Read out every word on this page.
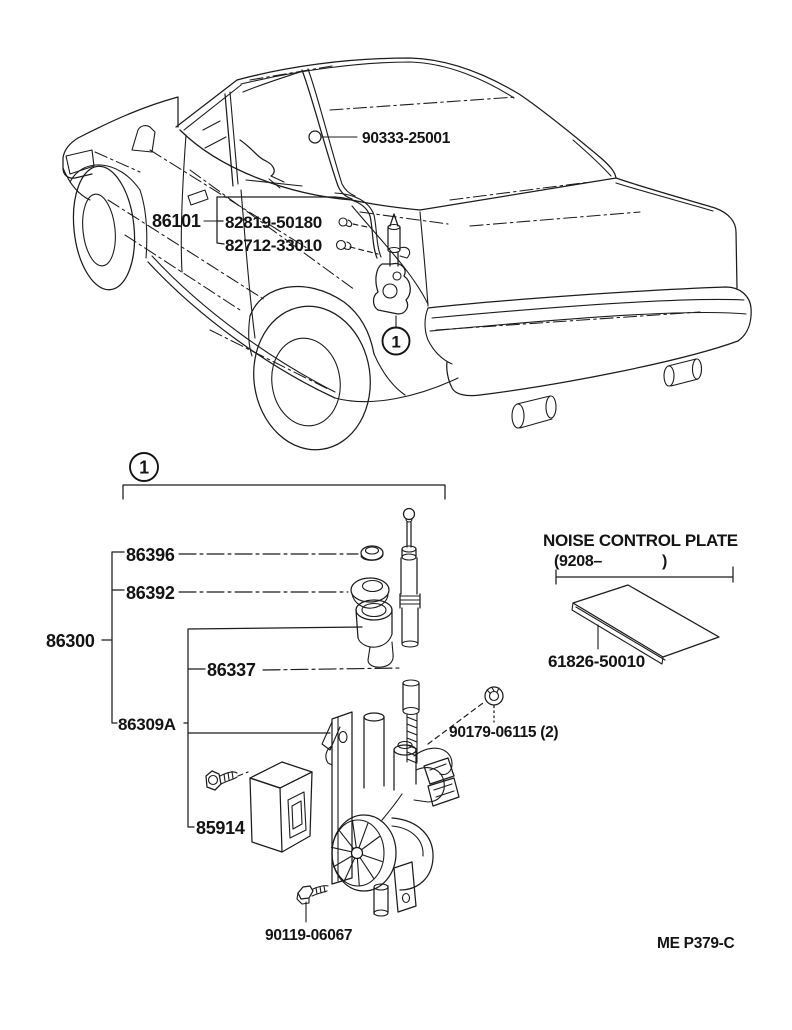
90333-25001
86101 82819-50180
82712-33010
1
1
86300
86396
86392
86337
86309A
85914
90179-06115 (2)
90119-06067
NOISE CONTROL PLATE
(9208–	)
61826-50010
ME P379-C
